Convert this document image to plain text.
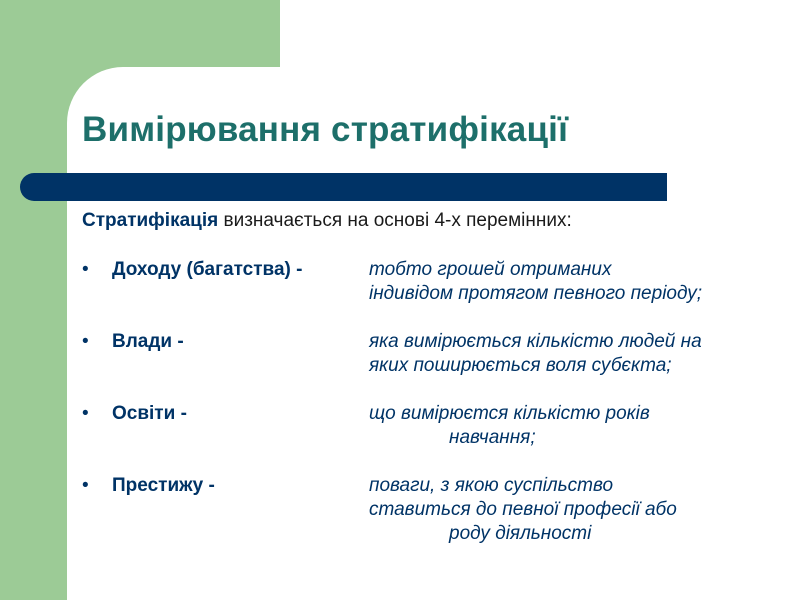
Вимірювання стратифікації
Стратифікація визначається на основі 4-х перемінних:
• Доходу (багатства) -	тобто грошей отриманих
індивідом протягом певного періоду;
• Влади -	яка вимірюється кількістю людей на
яких поширюється воля субєкта;
• Освіти -	що вимірюєтся кількістю років
навчання;
• Престижу -	поваги, з якою суспільство
ставиться до певної професії або
роду діяльності
